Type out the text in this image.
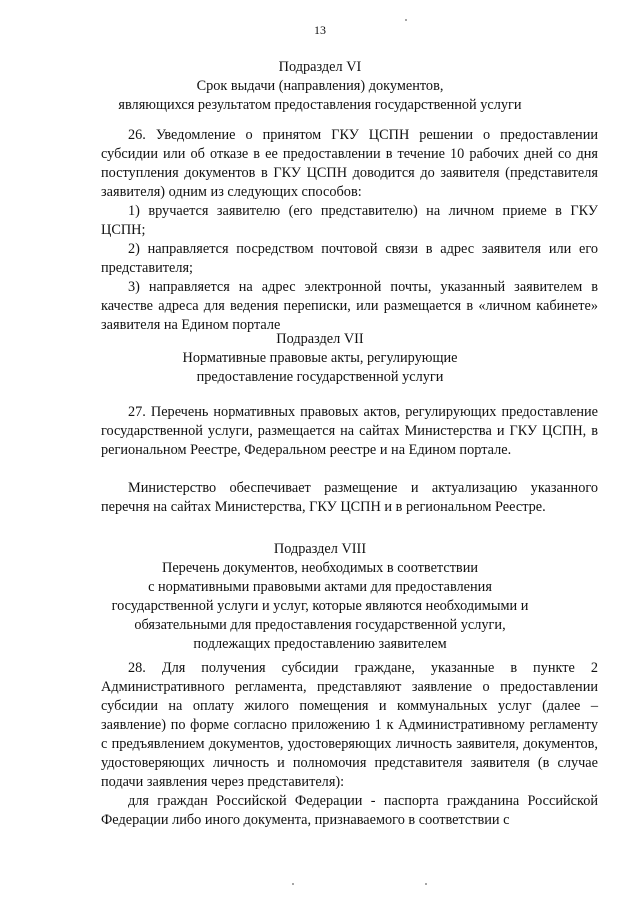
13
Подраздел VI
Срок выдачи (направления) документов,
являющихся результатом предоставления государственной услуги

26. Уведомление о принятом ГКУ ЦСПН решении о предоставлении субсидии или об отказе в ее предоставлении в течение 10 рабочих дней со дня поступления документов в ГКУ ЦСПН доводится до заявителя (представителя заявителя) одним из следующих способов:

1) вручается заявителю (его представителю) на личном приеме в ГКУ ЦСПН;

2) направляется посредством почтовой связи в адрес заявителя или его представителя;

3) направляется на адрес электронной почты, указанный заявителем в качестве адреса для ведения переписки, или размещается в «личном кабинете» заявителя на Едином портале

Подраздел VII
Нормативные правовые акты, регулирующие
предоставление государственной услуги

27. Перечень нормативных правовых актов, регулирующих предоставление государственной услуги, размещается на сайтах Министерства и ГКУ ЦСПН, в региональном Реестре, Федеральном реестре и на Едином портале.

Министерство обеспечивает размещение и актуализацию указанного перечня на сайтах Министерства, ГКУ ЦСПН и в региональном Реестре.

Подраздел VIII
Перечень документов, необходимых в соответствии
с нормативными правовыми актами для предоставления
государственной услуги и услуг, которые являются необходимыми и
обязательными для предоставления государственной услуги,
подлежащих предоставлению заявителем

28. Для получения субсидии граждане, указанные в пункте 2 Административного регламента, представляют заявление о предоставлении субсидии на оплату жилого помещения и коммунальных услуг (далее – заявление) по форме согласно приложению 1 к Административному регламенту с предъявлением документов, удостоверяющих личность заявителя, документов, удостоверяющих личность и полномочия представителя заявителя (в случае подачи заявления через представителя):

для граждан Российской Федерации - паспорта гражданина Российской Федерации либо иного документа, признаваемого в соответствии с
